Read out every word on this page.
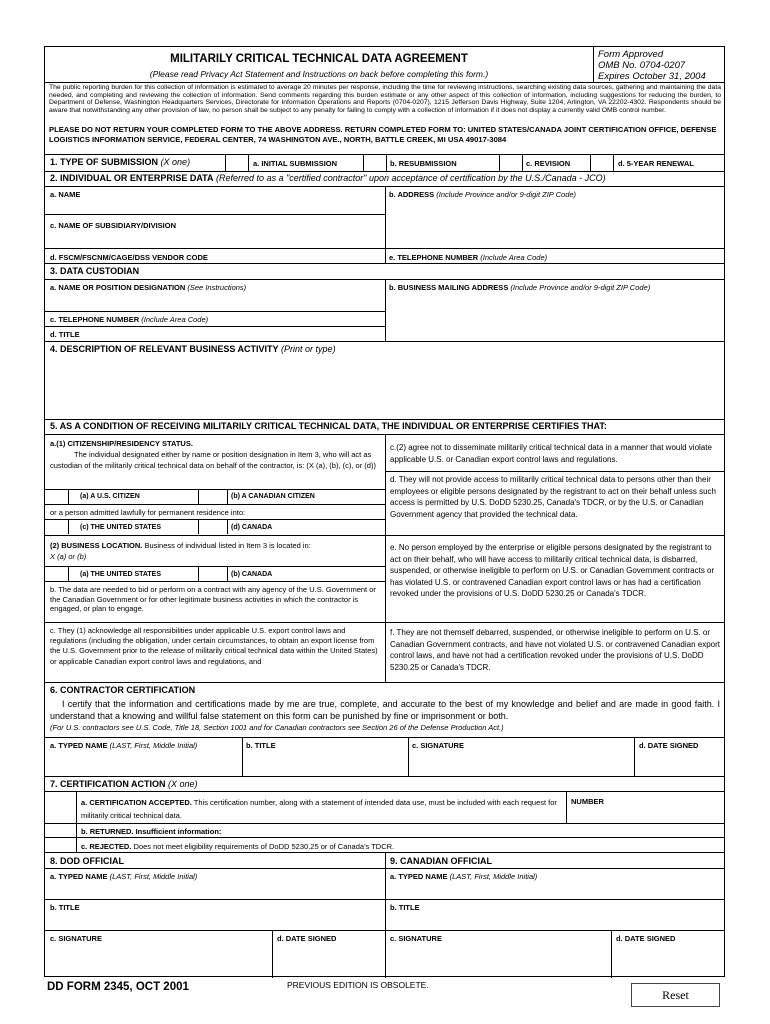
MILITARILY CRITICAL TECHNICAL DATA AGREEMENT
(Please read Privacy Act Statement and Instructions on back before completing this form.)
Form Approved
OMB No. 0704-0207
Expires October 31, 2004
The public reporting burden for this collection of information is estimated to average 20 minutes per response, including the time for reviewing instructions, searching existing data sources, gathering and maintaining the data needed, and completing and reviewing the collection of information. Send comments regarding this burden estimate or any other aspect of this collection of information, including suggestions for reducing the burden, to Department of Defense, Washington Headquarters Services, Directorate for Information Operations and Reports (0704-0207), 1215 Jefferson Davis Highway, Suite 1204, Arlington, VA 22202-4302. Respondents should be aware that notwithstanding any other provision of law, no person shall be subject to any penalty for failing to comply with a collection of information if it does not display a currently valid OMB control number.
PLEASE DO NOT RETURN YOUR COMPLETED FORM TO THE ABOVE ADDRESS. RETURN COMPLETED FORM TO: UNITED STATES/CANADA JOINT CERTIFICATION OFFICE, DEFENSE LOGISTICS INFORMATION SERVICE, FEDERAL CENTER, 74 WASHINGTON AVE., NORTH, BATTLE CREEK, MI USA 49017-3084
1. TYPE OF SUBMISSION (X one)	a. INITIAL SUBMISSION	b. RESUBMISSION	c. REVISION	d. 5-YEAR RENEWAL
2. INDIVIDUAL OR ENTERPRISE DATA (Referred to as a "certified contractor" upon acceptance of certification by the U.S./Canada - JCO)
a. NAME	b. ADDRESS (Include Province and/or 9-digit ZIP Code)
c. NAME OF SUBSIDIARY/DIVISION
d. FSCM/FSCNM/CAGE/DSS VENDOR CODE	e. TELEPHONE NUMBER (Include Area Code)
3. DATA CUSTODIAN
a. NAME OR POSITION DESIGNATION (See Instructions)	b. BUSINESS MAILING ADDRESS (Include Province and/or 9-digit ZIP Code)
c. TELEPHONE NUMBER (Include Area Code)
d. TITLE
4. DESCRIPTION OF RELEVANT BUSINESS ACTIVITY (Print or type)
5. AS A CONDITION OF RECEIVING MILITARILY CRITICAL TECHNICAL DATA, THE INDIVIDUAL OR ENTERPRISE CERTIFIES THAT:
a.(1) CITIZENSHIP/RESIDENCY STATUS.
The individual designated either by name or position designation in Item 3, who will act as custodian of the militarily critical technical data on behalf of the contractor, is: (X (a), (b), (c), or (d))
(a) A U.S. CITIZEN	(b) A CANADIAN CITIZEN
or a person admitted lawfully for permanent residence into:
(c) THE UNITED STATES	(d) CANADA
(2) BUSINESS LOCATION. Business of individual listed in Item 3 is located in:
X (a) or (b)
(a) THE UNITED STATES	(b) CANADA
b. The data are needed to bid or perform on a contract with any agency of the U.S. Government or the Canadian Government or for other legitimate business activities in which the contractor is engaged, or plan to engage.
c. They (1) acknowledge all responsibilities under applicable U.S. export control laws and regulations (including the obligation, under certain circumstances, to obtain an export license from the U.S. Government prior to the release of militarily critical technical data within the United States) or applicable Canadian export control laws and regulations, and
c.(2) agree not to disseminate militarily critical technical data in a manner that would violate applicable U.S. or Canadian export control laws and regulations.
d. They will not provide access to militarily critical technical data to persons other than their employees or eligible persons designated by the registrant to act on their behalf unless such access is permitted by U.S. DoDD 5230.25, Canada's TDCR, or by the U.S. or Canadian Government agency that provided the technical data.
e. No person employed by the enterprise or eligible persons designated by the registrant to act on their behalf, who will have access to militarily critical technical data, is disbarred, suspended, or otherwise ineligible to perform on U.S. or Canadian Government contracts or has violated U.S. or contravened Canadian export control laws or has had a certification revoked under the provisions of U.S. DoDD 5230.25 or Canada's TDCR.
f. They are not themself debarred, suspended, or otherwise ineligible to perform on U.S. or Canadian Government contracts, and have not violated U.S. or contravened Canadian export control laws, and have not had a certification revoked under the provisions of U.S. DoDD 5230.25 or Canada's TDCR.
6. CONTRACTOR CERTIFICATION
I certify that the information and certifications made by me are true, complete, and accurate to the best of my knowledge and belief and are made in good faith. I understand that a knowing and willful false statement on this form can be punished by fine or imprisonment or both.
(For U.S. contractors see U.S. Code, Title 18, Section 1001 and for Canadian contractors see Section 26 of the Defense Production Act.)
a. TYPED NAME (LAST, First, Middle Initial)	b. TITLE	c. SIGNATURE	d. DATE SIGNED
7. CERTIFICATION ACTION (X one)
a. CERTIFICATION ACCEPTED. This certification number, along with a statement of intended data use, must be included with each request for militarily critical technical data.
NUMBER
b. RETURNED. Insufficient information:
c. REJECTED. Does not meet eligibility requirements of DoDD 5230.25 or of Canada's TDCR.
8. DOD OFFICIAL	9. CANADIAN OFFICIAL
a. TYPED NAME (LAST, First, Middle Initial)	a. TYPED NAME (LAST, First, Middle Initial)
b. TITLE	b. TITLE
c. SIGNATURE	d. DATE SIGNED	c. SIGNATURE	d. DATE SIGNED
DD FORM 2345, OCT 2001	PREVIOUS EDITION IS OBSOLETE.
Reset
